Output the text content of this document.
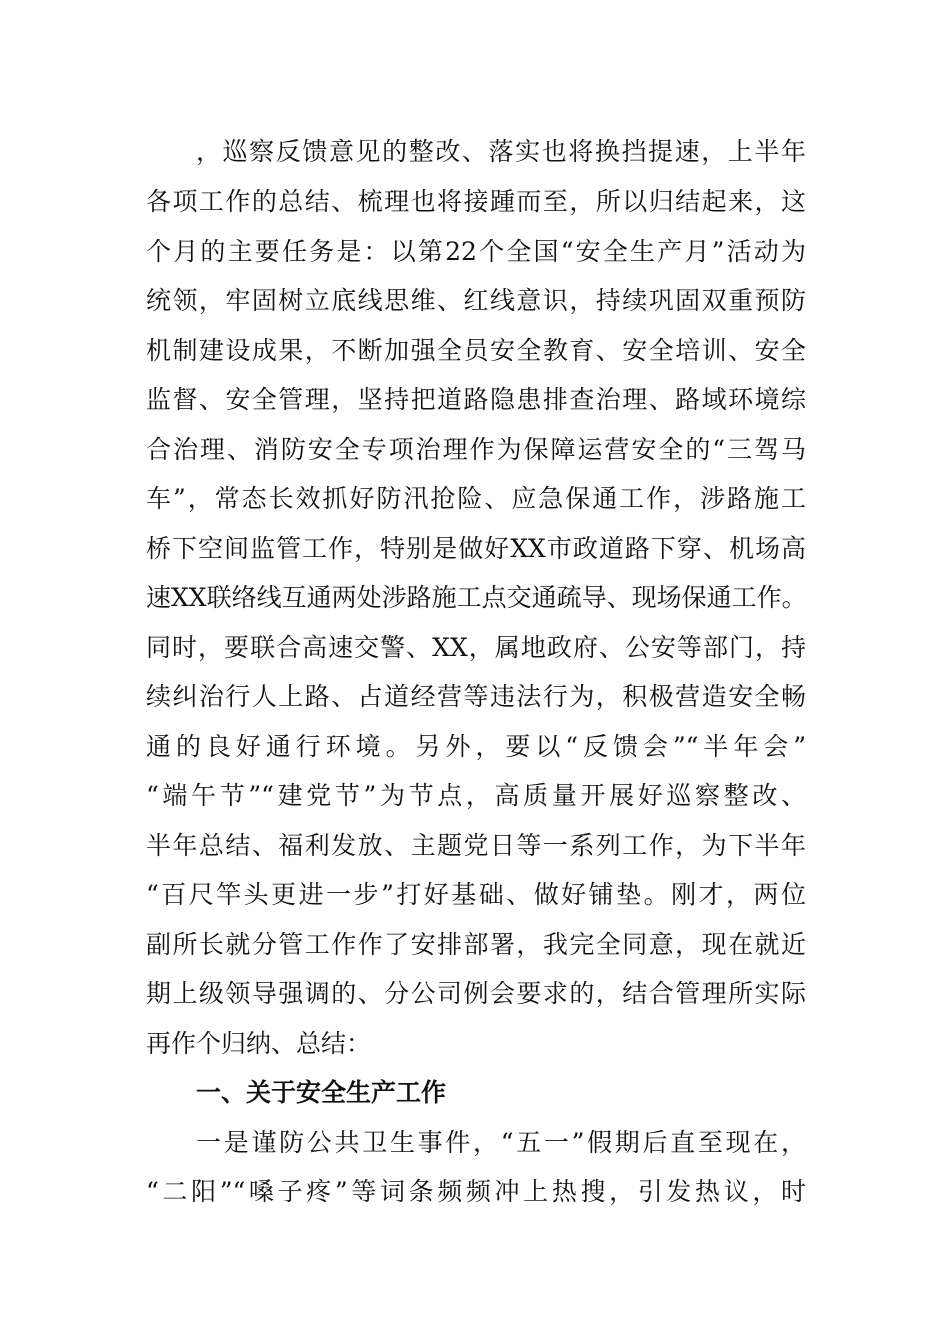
，巡察反馈意见的整改、落实也将换挡提速，上半年
各项工作的总结、梳理也将接踵而至，所以归结起来，这
个月的主要任务是：以第22个全国“安全生产月”活动为
统领，牢固树立底线思维、红线意识，持续巩固双重预防
机制建设成果，不断加强全员安全教育、安全培训、安全
监督、安全管理，坚持把道路隐患排查治理、路域环境综
合治理、消防安全专项治理作为保障运营安全的“三驾马
车”，常态长效抓好防汛抢险、应急保通工作，涉路施工
桥下空间监管工作，特别是做好XX市政道路下穿、机场高
速XX联络线互通两处涉路施工点交通疏导、现场保通工作。
同时，要联合高速交警、XX，属地政府、公安等部门，持
续纠治行人上路、占道经营等违法行为，积极营造安全畅
通的良好通行环境。另外，要以“反馈会”“半年会”
“端午节”“建党节”为节点，高质量开展好巡察整改、
半年总结、福利发放、主题党日等一系列工作，为下半年
“百尺竿头更进一步”打好基础、做好铺垫。刚才，两位
副所长就分管工作作了安排部署，我完全同意，现在就近
期上级领导强调的、分公司例会要求的，结合管理所实际
再作个归纳、总结：
一、关于安全生产工作
一是谨防公共卫生事件，“五一”假期后直至现在，
“二阳”“嗓子疼”等词条频频冲上热搜，引发热议，时
